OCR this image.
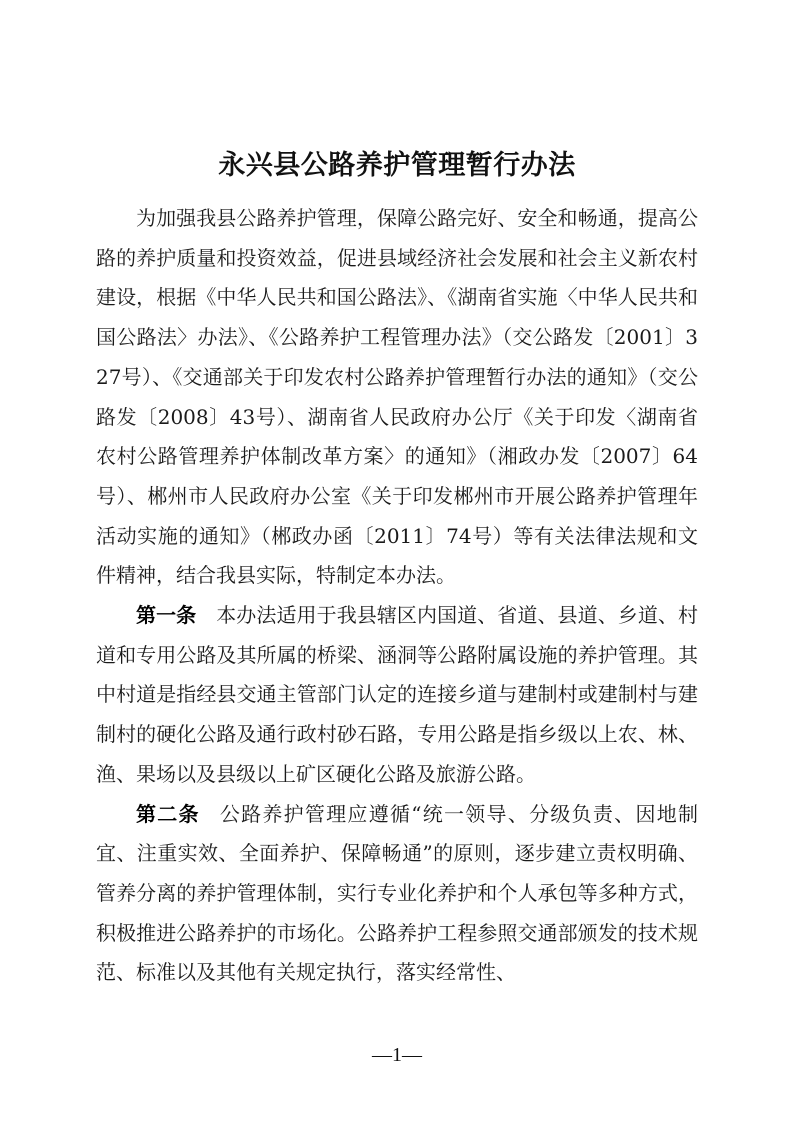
永兴县公路养护管理暂行办法

为加强我县公路养护管理，保障公路完好、安全和畅通，提高公路的养护质量和投资效益，促进县域经济社会发展和社会主义新农村建设，根据《中华人民共和国公路法》、《湖南省实施〈中华人民共和国公路法〉办法》、《公路养护工程管理办法》（交公路发〔2001〕327号）、《交通部关于印发农村公路养护管理暂行办法的通知》（交公路发〔2008〕43号）、湖南省人民政府办公厅《关于印发〈湖南省农村公路管理养护体制改革方案〉的通知》（湘政办发〔2007〕64号）、郴州市人民政府办公室《关于印发郴州市开展公路养护管理年活动实施的通知》（郴政办函〔2011〕74号）等有关法律法规和文件精神，结合我县实际，特制定本办法。

第一条 本办法适用于我县辖区内国道、省道、县道、乡道、村道和专用公路及其所属的桥梁、涵洞等公路附属设施的养护管理。其中村道是指经县交通主管部门认定的连接乡道与建制村或建制村与建制村的硬化公路及通行政村砂石路，专用公路是指乡级以上农、林、渔、果场以及县级以上矿区硬化公路及旅游公路。

第二条 公路养护管理应遵循“统一领导、分级负责、因地制宜、注重实效、全面养护、保障畅通”的原则，逐步建立责权明确、管养分离的养护管理体制，实行专业化养护和个人承包等多种方式，积极推进公路养护的市场化。公路养护工程参照交通部颁发的技术规范、标准以及其他有关规定执行，落实经常性、

—1—
